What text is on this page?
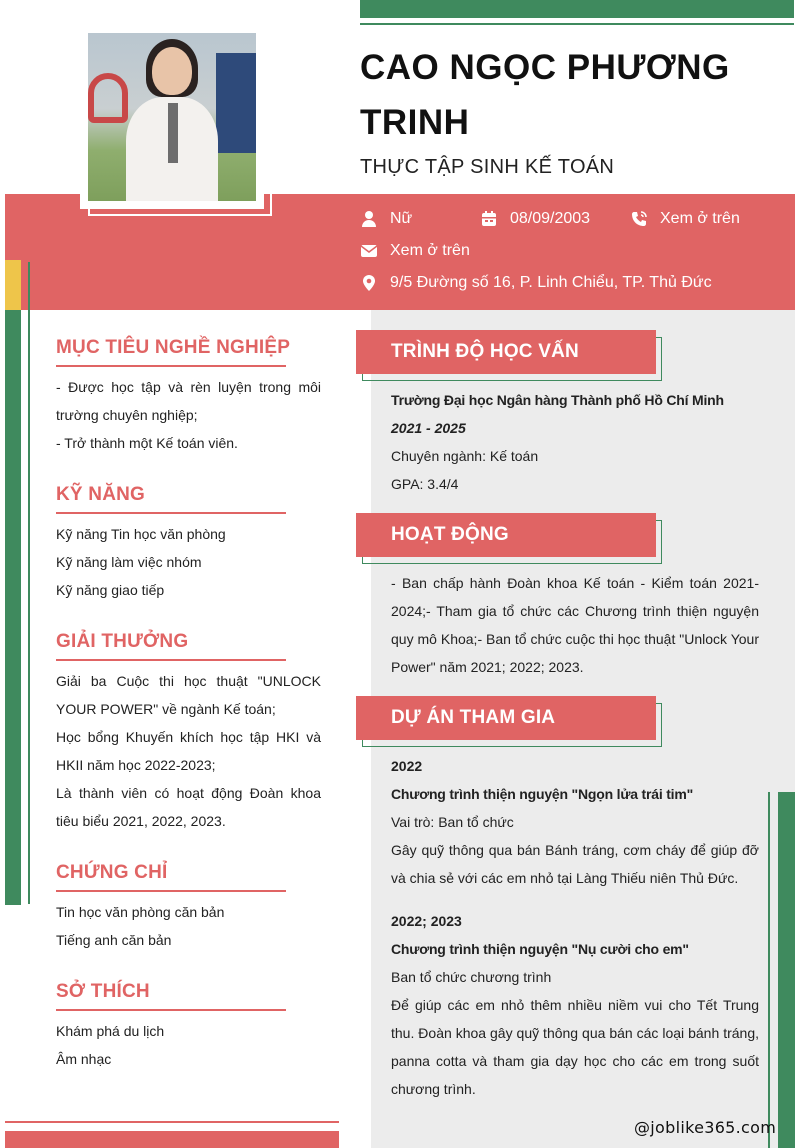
CAO NGỌC PHƯƠNG
TRINH
THỰC TẬP SINH KẾ TOÁN
Nữ	08/09/2003	Xem ở trên
Xem ở trên
9/5 Đường số 16, P. Linh Chiểu, TP. Thủ Đức
MỤC TIÊU NGHỀ NGHIỆP
- Được học tập và rèn luyện trong môi trường chuyên nghiệp;
- Trở thành một Kế toán viên.
KỸ NĂNG
Kỹ năng Tin học văn phòng
Kỹ năng làm việc nhóm
Kỹ năng giao tiếp
GIẢI THƯỞNG
Giải ba Cuộc thi học thuật "UNLOCK YOUR POWER" về ngành Kế toán;
Học bổng Khuyến khích học tập HKI và HKII năm học 2022-2023;
Là thành viên có hoạt động Đoàn khoa tiêu biểu 2021, 2022, 2023.
CHỨNG CHỈ
Tin học văn phòng căn bản
Tiếng anh căn bản
SỞ THÍCH
Khám phá du lịch
Âm nhạc
TRÌNH ĐỘ HỌC VẤN
Trường Đại học Ngân hàng Thành phố Hồ Chí Minh
2021 - 2025
Chuyên ngành: Kế toán
GPA: 3.4/4
HOẠT ĐỘNG
- Ban chấp hành Đoàn khoa Kế toán - Kiểm toán 2021-2024;- Tham gia tổ chức các Chương trình thiện nguyện quy mô Khoa;- Ban tổ chức cuộc thi học thuật "Unlock Your Power" năm 2021; 2022; 2023.
DỰ ÁN THAM GIA
2022
Chương trình thiện nguyện "Ngọn lửa trái tim"
Vai trò: Ban tổ chức
Gây quỹ thông qua bán Bánh tráng, cơm cháy để giúp đỡ và chia sẻ với các em nhỏ tại Làng Thiếu niên Thủ Đức.
2022; 2023
Chương trình thiện nguyện "Nụ cười cho em"
Ban tổ chức chương trình
Để giúp các em nhỏ thêm nhiều niềm vui cho Tết Trung thu. Đoàn khoa gây quỹ thông qua bán các loại bánh tráng, panna cotta và tham gia dạy học cho các em trong suốt chương trình.
@joblike365.com
